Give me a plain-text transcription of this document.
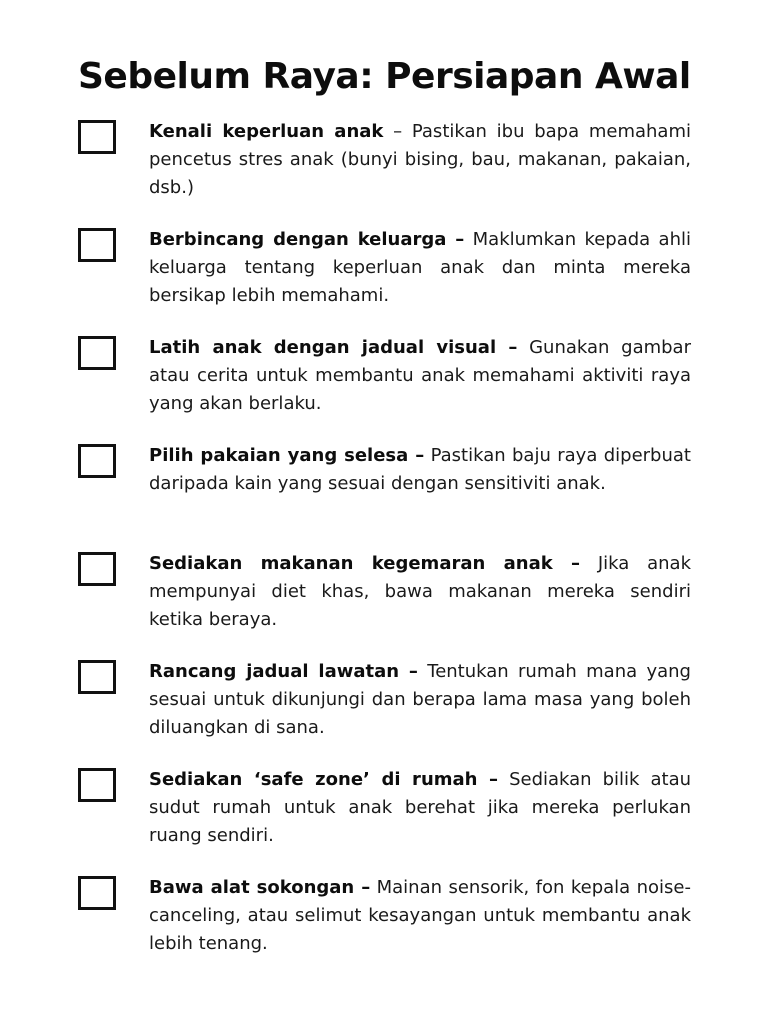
Sebelum Raya: Persiapan Awal

Kenali keperluan anak – Pastikan ibu bapa memahami pencetus stres anak (bunyi bising, bau, makanan, pakaian, dsb.)

Berbincang dengan keluarga – Maklumkan kepada ahli keluarga tentang keperluan anak dan minta mereka bersikap lebih memahami.

Latih anak dengan jadual visual – Gunakan gambar atau cerita untuk membantu anak memahami aktiviti raya yang akan berlaku.

Pilih pakaian yang selesa – Pastikan baju raya diperbuat daripada kain yang sesuai dengan sensitiviti anak.

Sediakan makanan kegemaran anak – Jika anak mempunyai diet khas, bawa makanan mereka sendiri ketika beraya.

Rancang jadual lawatan – Tentukan rumah mana yang sesuai untuk dikunjungi dan berapa lama masa yang boleh diluangkan di sana.

Sediakan ‘safe zone’ di rumah – Sediakan bilik atau sudut rumah untuk anak berehat jika mereka perlukan ruang sendiri.

Bawa alat sokongan – Mainan sensorik, fon kepala noise-canceling, atau selimut kesayangan untuk membantu anak lebih tenang.
